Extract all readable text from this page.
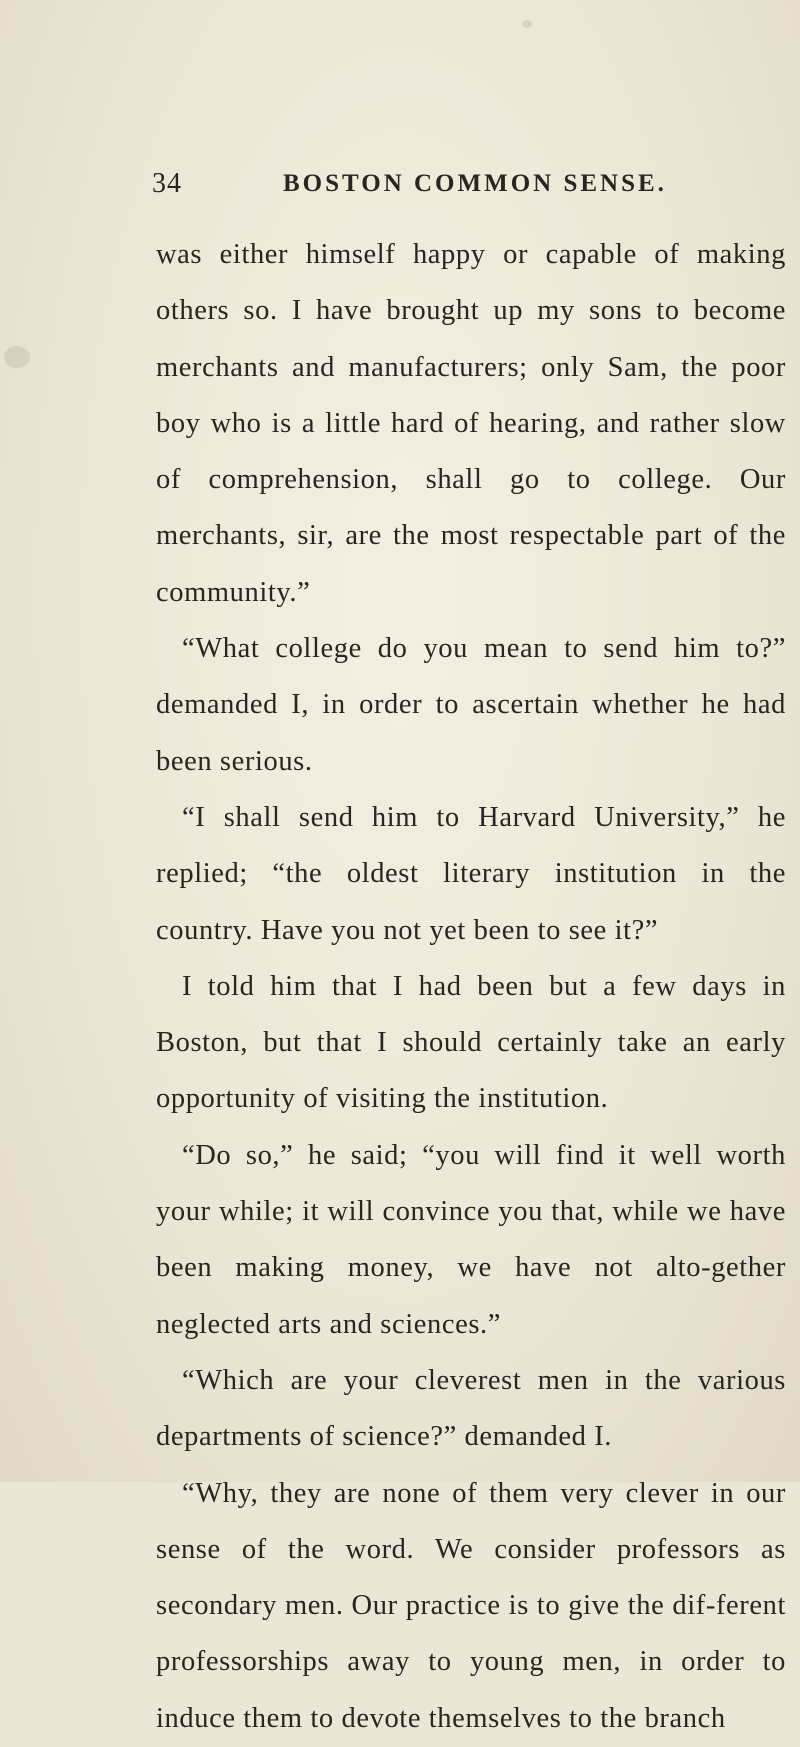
34	BOSTON COMMON SENSE.

was either himself happy or capable of making others so. I have brought up my sons to become merchants and manufacturers; only Sam, the poor boy who is a little hard of hearing, and rather slow of comprehension, shall go to college. Our merchants, sir, are the most respectable part of the community.”

“What college do you mean to send him to?” demanded I, in order to ascertain whether he had been serious.

“I shall send him to Harvard University,” he replied; “the oldest literary institution in the country. Have you not yet been to see it?”

I told him that I had been but a few days in Boston, but that I should certainly take an early opportunity of visiting the institution.

“Do so,” he said; “you will find it well worth your while; it will convince you that, while we have been making money, we have not alto-gether neglected arts and sciences.”

“Which are your cleverest men in the various departments of science?” demanded I.

“Why, they are none of them very clever in our sense of the word. We consider professors as secondary men. Our practice is to give the dif-ferent professorships away to young men, in order to induce them to devote themselves to the branch
